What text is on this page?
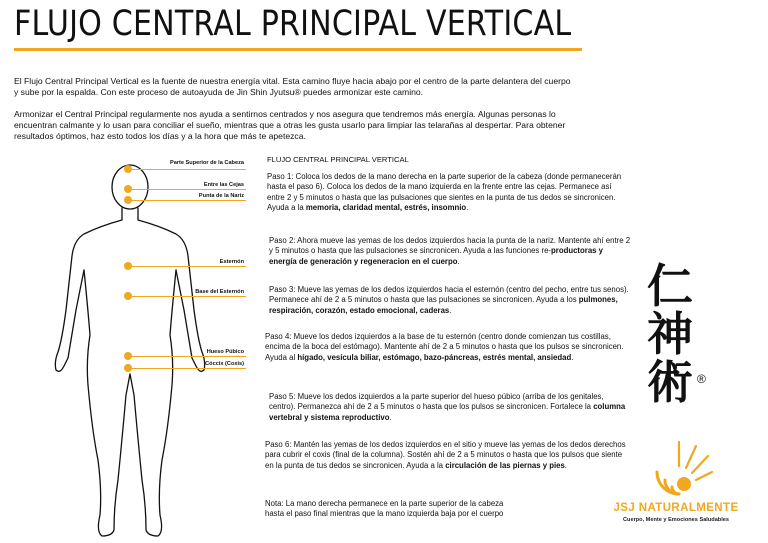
FLUJO CENTRAL PRINCIPAL VERTICAL
El Flujo Central Principal Vertical es la fuente de nuestra energía vital. Esta camino fluye hacia abajo por el centro de la parte delantera del cuerpo y sube por la espalda. Con este proceso de autoayuda de Jin Shin Jyutsu® puedes armonizar este camino.
Armonizar el Central Principal regularmente nos ayuda a sentirnos centrados y nos asegura que tendremos más energía. Algunas personas lo encuentran calmante y lo usan para conciliar el sueño, mientras que a otras les gusta usarlo para limpiar las telarañas al despertar. Para obtener resultados óptimos, haz esto todos los días y a la hora que más te apetezca.
Parte Superior de la Cabeza
Entre las Cejas
Punta de la Nariz
Esternón
Base del Esternón
Hueso Púbico
Cóccix (Coxis)
FLUJO CENTRAL PRINCIPAL VERTICAL
Paso 1: Coloca los dedos de la mano derecha en la parte superior de la cabeza (donde permanecerán hasta el paso 6). Coloca los dedos de la mano izquierda en la frente entre las cejas. Permanece así entre 2 y 5 minutos o hasta que las pulsaciones que sientes en la punta de tus dedos se sincronicen. Ayuda a la memoria, claridad mental, estrés, insomnio.
Paso 2: Ahora mueve las yemas de los dedos izquierdos hacia la punta de la nariz. Mantente ahí entre 2 y 5 minutos o hasta que las pulsaciones se sincronicen. Ayuda a las funciones re-productoras y energía de generación y regeneracion en el cuerpo.
Paso 3: Mueve las yemas de los dedos izquierdos hacia el esternón (centro del pecho, entre tus senos). Permanece ahí de 2 a 5 minutos o hasta que las pulsaciones se sincronicen. Ayuda a los pulmones, respiración, corazón, estado emocional, caderas.
Paso 4: Mueve los dedos izquierdos a la base de tu esternón (centro donde comienzan tus costillas, encima de la boca del estómago). Mantente ahí de 2 a 5 minutos o hasta que los pulsos se sincronicen. Ayuda al hígado, vesícula biliar, estómago, bazo-páncreas, estrés mental, ansiedad.
Paso 5: Mueve los dedos izquierdos a la parte superior del hueso púbico (arriba de los genitales, centro). Permanezca ahí de 2 a 5 minutos o hasta que los pulsos se sincronicen. Fortalece la columna vertebral y sistema reproductivo.
Paso 6: Mantén las yemas de los dedos izquierdos en el sitio y mueve las yemas de los dedos derechos para cubrir el coxis (final de la columna). Sostén ahí de 2 a 5 minutos o hasta que los pulsos que siente en la punta de tus dedos se sincronicen. Ayuda a la circulación de las piernas y pies.
Nota: La mano derecha permanece en la parte superior de la cabeza hasta el paso final mientras que la mano izquierda baja por el cuerpo
仁
神
術 ®
JSJ NATURALMENTE
Cuerpo, Mente y Emociones Saludables
